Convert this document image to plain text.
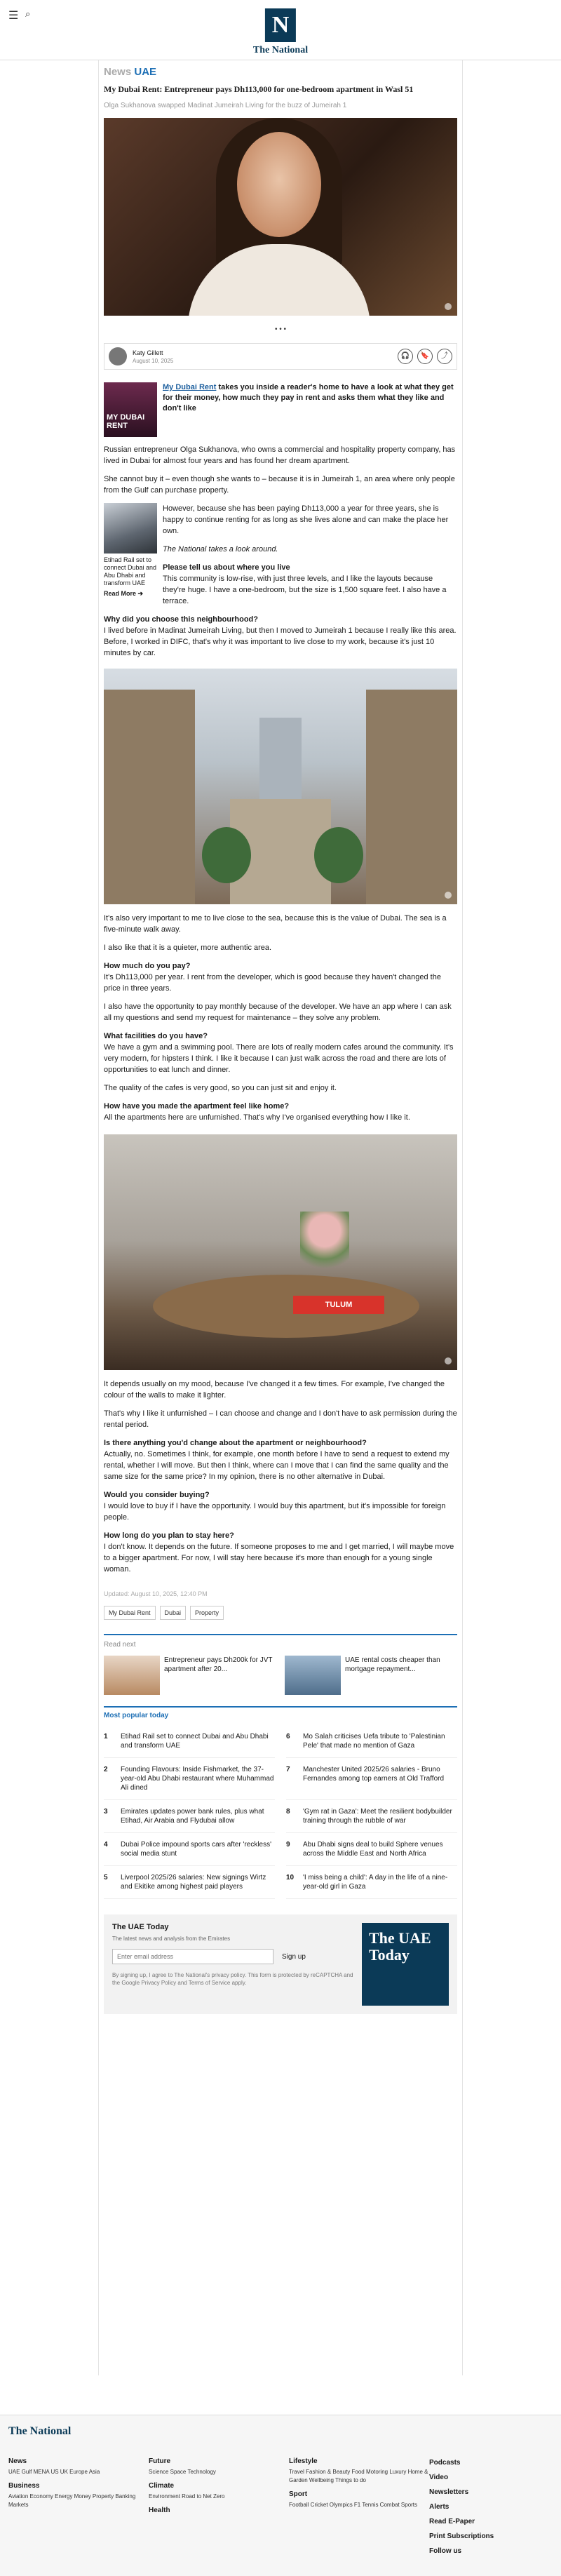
☰ ⌕	N
The National
News UAE
My Dubai Rent: Entrepreneur pays Dh113,000 for one-bedroom apartment in Wasl 51
Olga Sukhanova swapped Madinat Jumeirah Living for the buzz of Jumeirah 1
• • •
Katy Gillett
August 10, 2025
🎧	🔖	⤴
MY DUBAI RENT
My Dubai Rent takes you inside a reader's home to have a look at what they get for their money, how much they pay in rent and asks them what they like and don't like

Russian entrepreneur Olga Sukhanova, who owns a commercial and hospitality property company, has lived in Dubai for almost four years and has found her dream apartment.

She cannot buy it – even though she wants to – because it is in Jumeirah 1, an area where only people from the Gulf can purchase property.

Etihad Rail set to connect Dubai and Abu Dhabi and transform UAE
Read More ➔

However, because she has been paying Dh113,000 a year for three years, she is happy to continue renting for as long as she lives alone and can make the place her own.

The National takes a look around.

Please tell us about where you live

This community is low-rise, with just three levels, and I like the layouts because they're huge. I have a one-bedroom, but the size is 1,500 square feet. I also have a terrace.

Why did you choose this neighbourhood?

I lived before in Madinat Jumeirah Living, but then I moved to Jumeirah 1 because I really like this area. Before, I worked in DIFC, that's why it was important to live close to my work, because it's just 10 minutes by car.

It's also very important to me to live close to the sea, because this is the value of Dubai. The sea is a five-minute walk away.

I also like that it is a quieter, more authentic area.

How much do you pay?

It's Dh113,000 per year. I rent from the developer, which is good because they haven't changed the price in three years.

I also have the opportunity to pay monthly because of the developer. We have an app where I can ask all my questions and send my request for maintenance – they solve any problem.

What facilities do you have?

We have a gym and a swimming pool. There are lots of really modern cafes around the community. It's very modern, for hipsters I think. I like it because I can just walk across the road and there are lots of opportunities to eat lunch and dinner.

The quality of the cafes is very good, so you can just sit and enjoy it.

How have you made the apartment feel like home?

All the apartments here are unfurnished. That's why I've organised everything how I like it.

TULUM

It depends usually on my mood, because I've changed it a few times. For example, I've changed the colour of the walls to make it lighter.

That's why I like it unfurnished – I can choose and change and I don't have to ask permission during the rental period.

Is there anything you'd change about the apartment or neighbourhood?

Actually, no. Sometimes I think, for example, one month before I have to send a request to extend my rental, whether I will move. But then I think, where can I move that I can find the same quality and the same size for the same price? In my opinion, there is no other alternative in Dubai.

Would you consider buying?

I would love to buy if I have the opportunity. I would buy this apartment, but it's impossible for foreign people.

How long do you plan to stay here?

I don't know. It depends on the future. If someone proposes to me and I get married, I will maybe move to a bigger apartment. For now, I will stay here because it's more than enough for a young single woman.

Updated: August 10, 2025, 12:40 PM
My Dubai Rent	Dubai	Property
Read next
Entrepreneur pays Dh200k for JVT apartment after 20...
UAE rental costs cheaper than mortgage repayment...
Most popular today
1	Etihad Rail set to connect Dubai and Abu Dhabi and transform UAE
6	Mo Salah criticises Uefa tribute to 'Palestinian Pele' that made no mention of Gaza
2	Founding Flavours: Inside Fishmarket, the 37-year-old Abu Dhabi restaurant where Muhammad Ali dined
7	Manchester United 2025/26 salaries - Bruno Fernandes among top earners at Old Trafford
3	Emirates updates power bank rules, plus what Etihad, Air Arabia and Flydubai allow
8	'Gym rat in Gaza': Meet the resilient bodybuilder training through the rubble of war
4	Dubai Police impound sports cars after 'reckless' social media stunt
9	Abu Dhabi signs deal to build Sphere venues across the Middle East and North Africa
5	Liverpool 2025/26 salaries: New signings Wirtz and Ekitike among highest paid players
10 'I miss being a child': A day in the life of a nine-year-old girl in Gaza
The UAE Today
The latest news and analysis from the Emirates
Enter email address
Sign up
By signing up, I agree to The National's privacy policy. This form is protected by reCAPTCHA and the Google Privacy Policy and Terms of Service apply.
The UAE Today
The National
News
UAE Gulf MENA US UK Europe Asia
Business
Aviation Economy Energy Money Property Banking Markets
Future
Science Space Technology
Climate
Environment Road to Net Zero
Health
Lifestyle
Travel Fashion & Beauty Food Motoring Luxury Home & Garden Wellbeing Things to do
Sport
Football Cricket Olympics F1 Tennis Combat Sports
Podcasts
Video
Newsletters
Alerts
Read E-Paper
Print Subscriptions
Follow us
